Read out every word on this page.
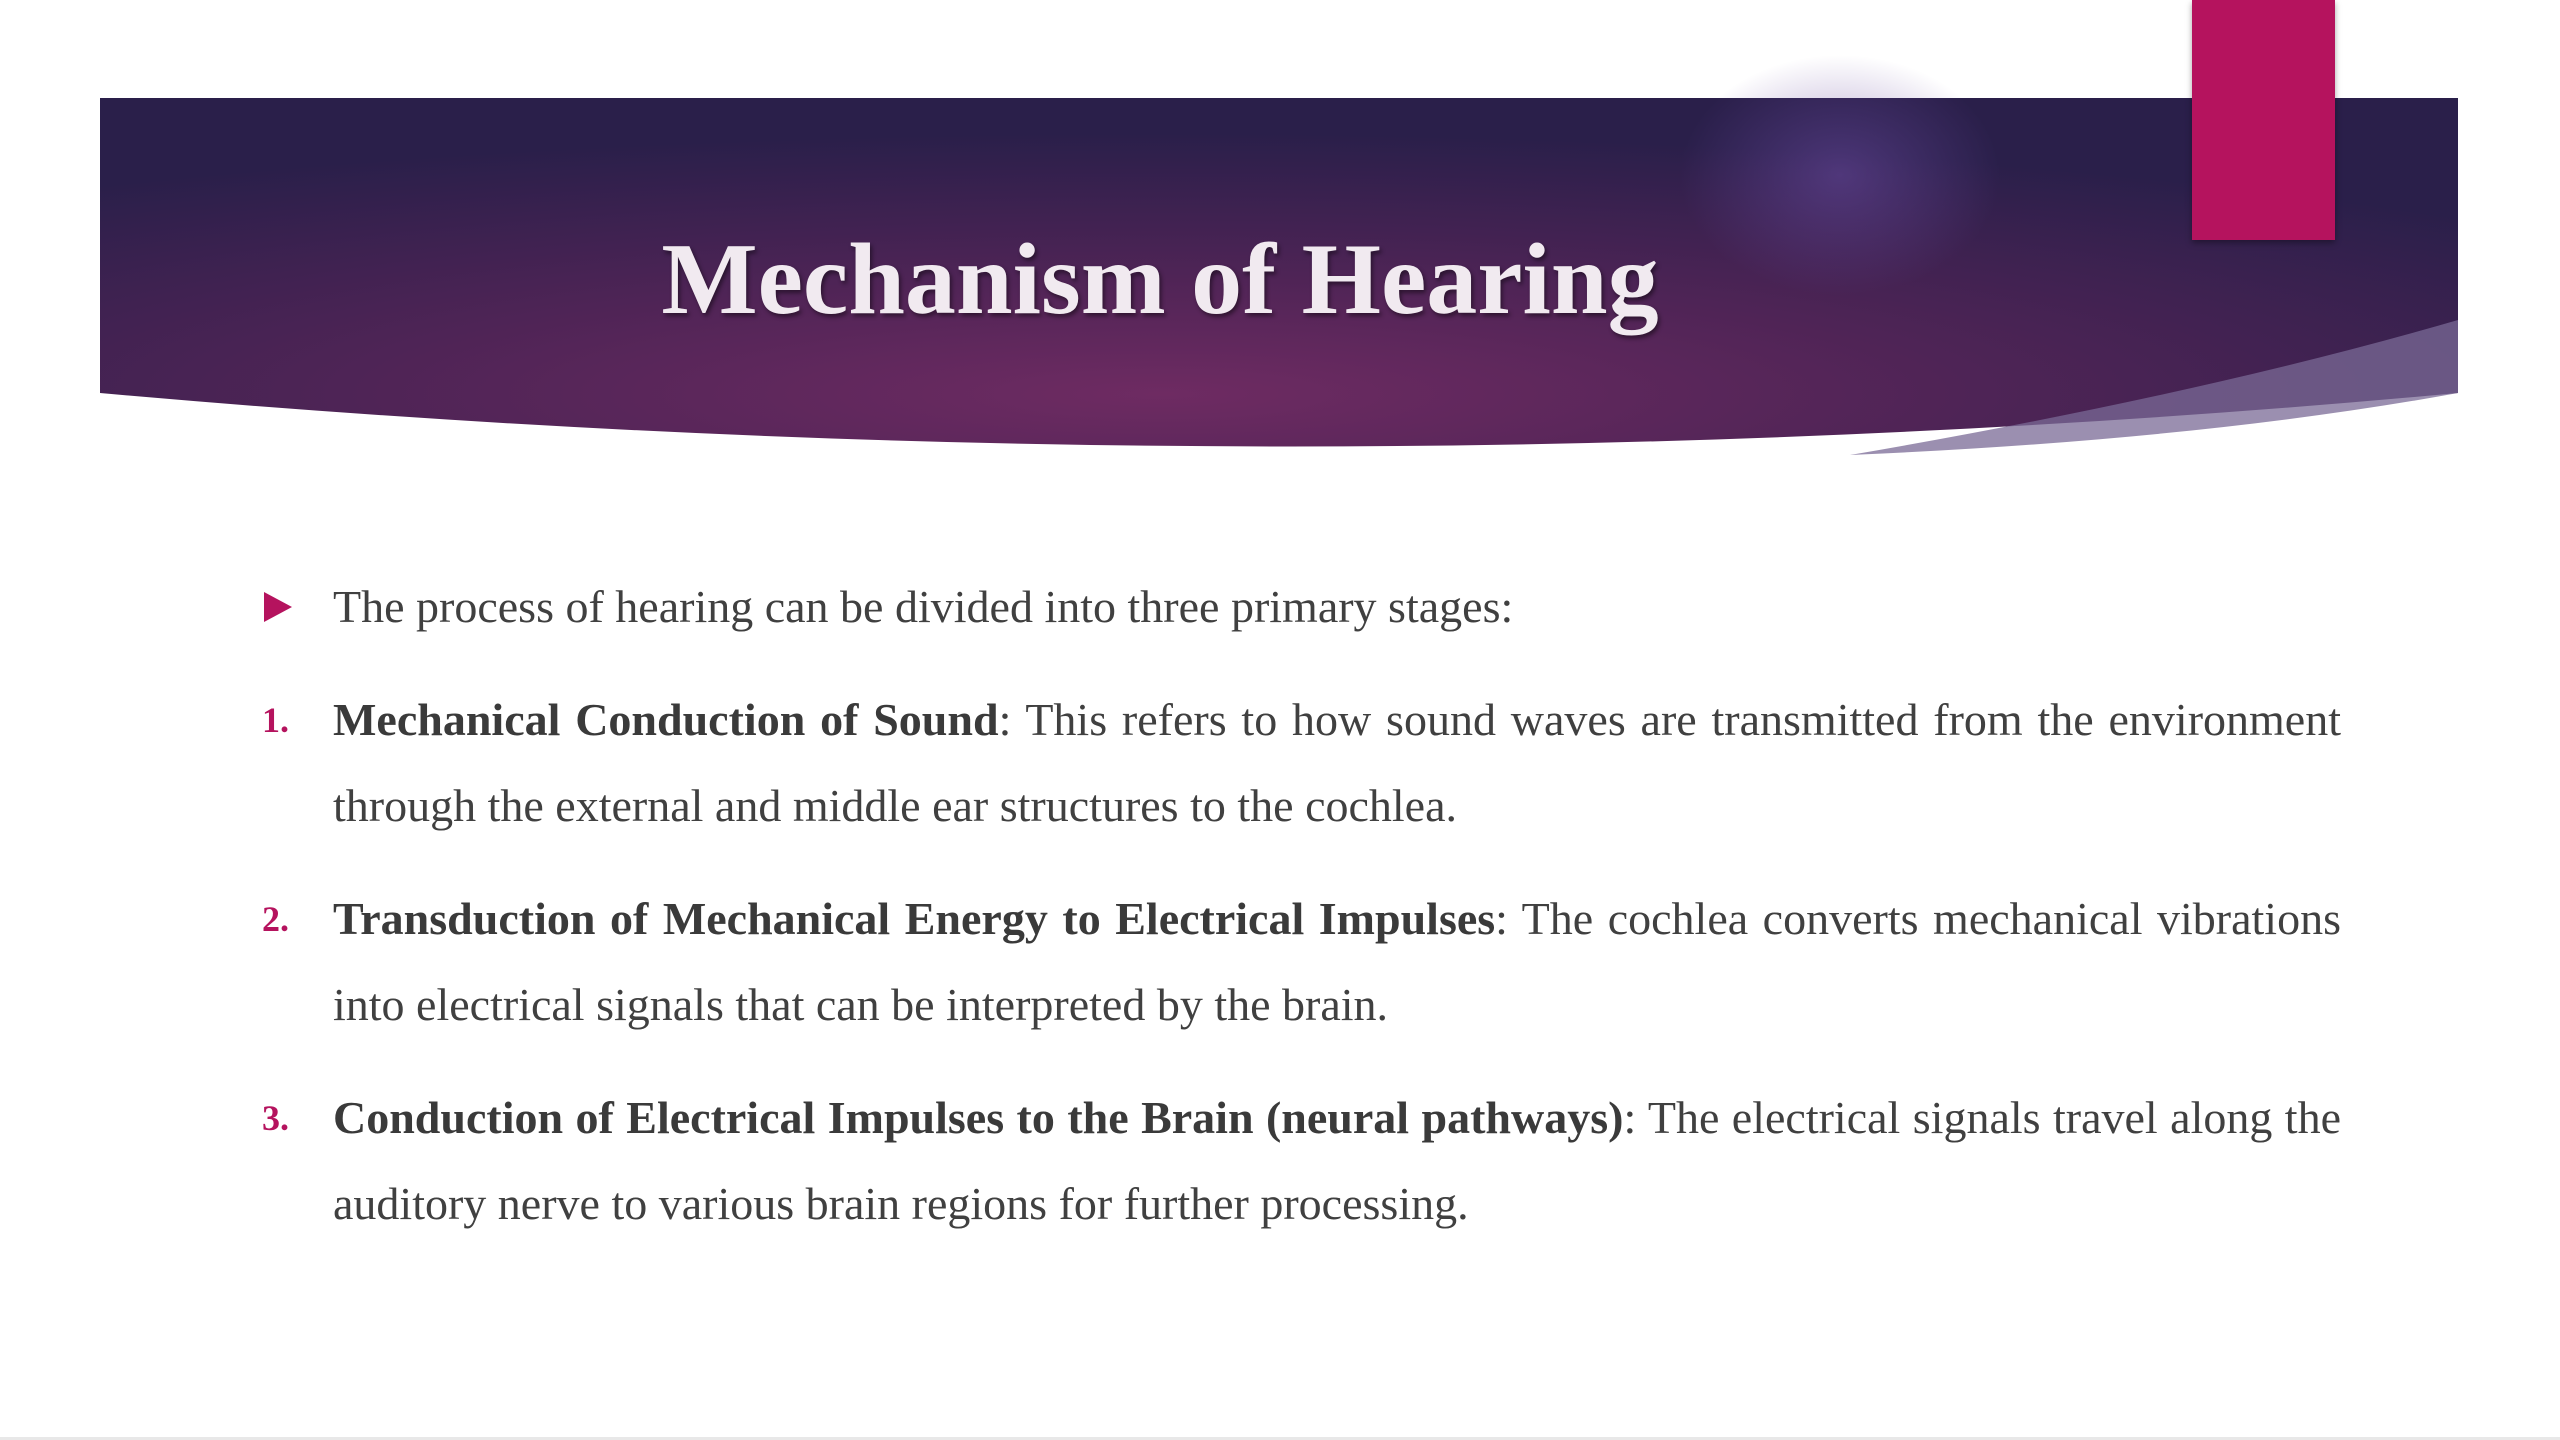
Mechanism of Hearing

The process of hearing can be divided into three primary stages:

1. Mechanical Conduction of Sound: This refers to how sound waves are transmitted from the environment through the external and middle ear structures to the cochlea.

2. Transduction of Mechanical Energy to Electrical Impulses: The cochlea converts mechanical vibrations into electrical signals that can be interpreted by the brain.

3. Conduction of Electrical Impulses to the Brain (neural pathways): The electrical signals travel along the auditory nerve to various brain regions for further processing.
